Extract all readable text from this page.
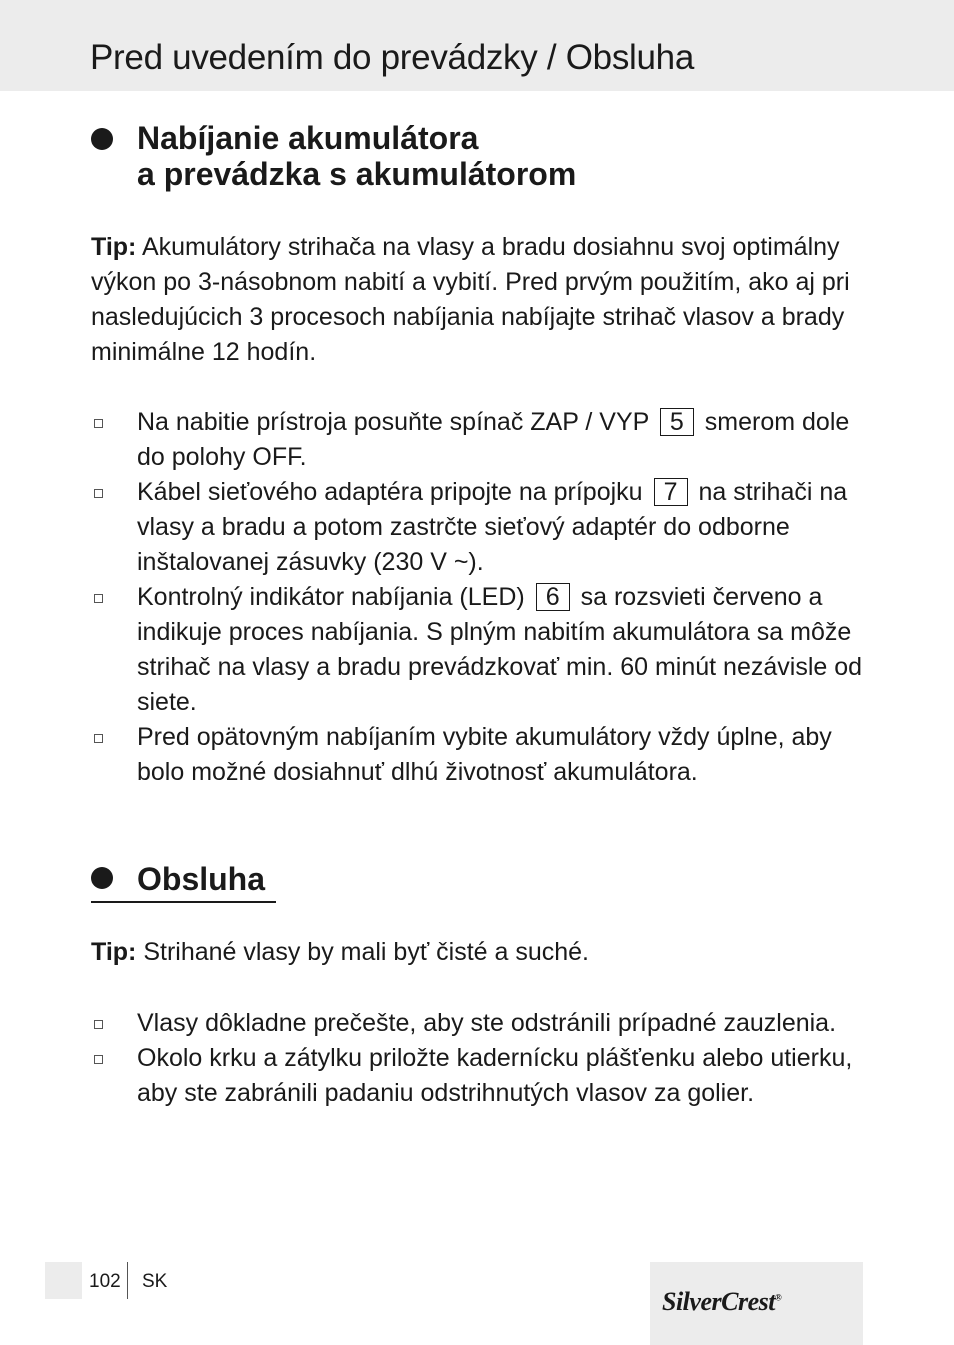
Pred uvedením do prevádzky / Obsluha
Nabíjanie akumulátora
a prevádzka s akumulátorom

Tip: Akumulátory strihača na vlasy a bradu dosiahnu svoj optimálny výkon po 3-násobnom nabití a vybití. Pred prvým použitím, ako aj pri nasledujúcich 3 procesoch nabíjania nabíjajte strihač vlasov a brady minimálne 12 hodín.

Na nabitie prístroja posuňte spínač ZAP / VYP 5 smerom dole do polohy OFF.
Kábel sieťového adaptéra pripojte na prípojku 7 na strihači na vlasy a bradu a potom zastrčte sieťový adaptér do odborne inštalovanej zásuvky (230 V ~).
Kontrolný indikátor nabíjania (LED) 6 sa rozsvieti červeno a indikuje proces nabíjania. S plným nabitím akumulátora sa môže strihač na vlasy a bradu prevádzkovať min. 60 minút nezávisle od siete.
Pred opätovným nabíjaním vybite akumulátory vždy úplne, aby bolo možné dosiahnuť dlhú životnosť akumulátora.
Obsluha

Tip: Strihané vlasy by mali byť čisté a suché.

Vlasy dôkladne prečešte, aby ste odstránili prípadné zauzlenia.
Okolo krku a zátylku priložte kadernícku plášťenku alebo utierku, aby ste zabránili padaniu odstrihnutých vlasov za golier.
102 SK
SilverCrest®
